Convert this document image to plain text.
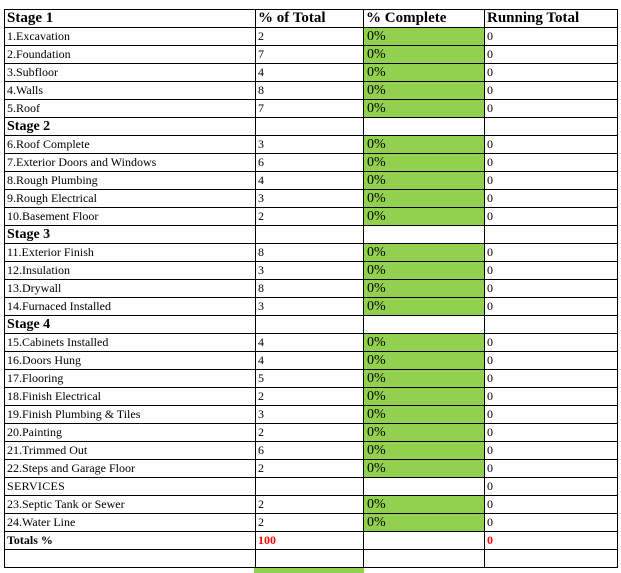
Stage 1	% of Total	% Complete	Running Total
1.Excavation	2	0%	0
2.Foundation	7	0%	0
3.Subfloor	4	0%	0
4.Walls	8	0%	0
5.Roof	7	0%	0
Stage 2			
6.Roof Complete	3	0%	0
7.Exterior Doors and Windows	6	0%	0
8.Rough Plumbing	4	0%	0
9.Rough Electrical	3	0%	0
10.Basement Floor	2	0%	0
Stage 3			
11.Exterior Finish	8	0%	0
12.Insulation	3	0%	0
13.Drywall	8	0%	0
14.Furnaced Installed	3	0%	0
Stage 4			
15.Cabinets Installed	4	0%	0
16.Doors Hung	4	0%	0
17.Flooring	5	0%	0
18.Finish Electrical	2	0%	0
19.Finish Plumbing & Tiles	3	0%	0
20.Painting	2	0%	0
21.Trimmed Out	6	0%	0
22.Steps and Garage Floor	2	0%	0
SERVICES			0
23.Septic Tank or Sewer	2	0%	0
24.Water Line	2	0%	0
Totals %	100		0
